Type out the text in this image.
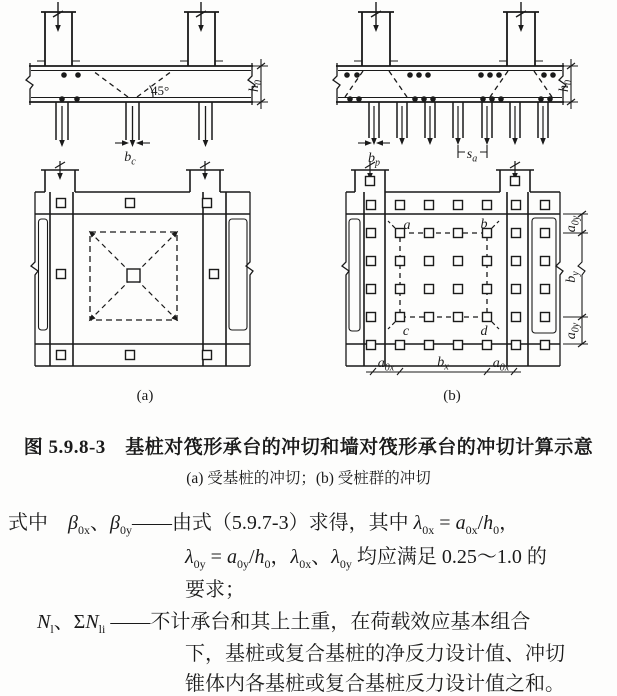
45°
$b_c$
$h_0$
$b_p$
$s_a$
$h_0$
(a)
a	b
c	d
$a_{0x}$	$b_x$	$a_{0x}$
$a_{0y}$
$b_y$
$a_{0y}$
(b)
图 5.9.8-3　基桩对筏形承台的冲切和墙对筏形承台的冲切计算示意
(a) 受基桩的冲切；(b) 受桩群的冲切
式中　$\beta_{0x}$、$\beta_{0y}——$由式（5.9.7-3）求得，其中 $\lambda_{0x} = a_{0x}/h_0$，
$\lambda_{0y} = a_{0y}/h_0$，$\lambda_{0x}$、$\lambda_{0y}$ 均应满足 0.25～1.0 的
要求；
$N_l$、$\Sigma N_{li}$ ——不计承台和其上土重，在荷载效应基本组合
下，基桩或复合基桩的净反力设计值、冲切
锥体内各基桩或复合基桩反力设计值之和。
